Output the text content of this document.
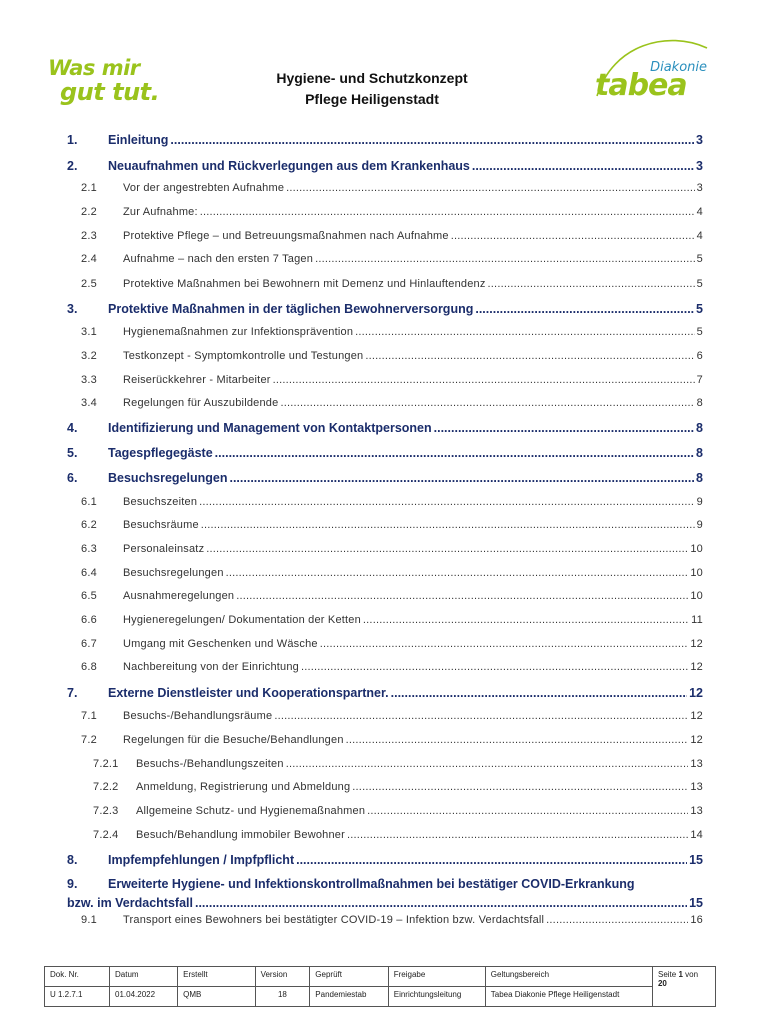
Was mir
gut tut.	Hygiene- und Schutzkonzept
Pflege Heiligenstadt
Diakonie
tabea
1. Einleitung .....	3
2. Neuaufnahmen und Rückverlegungen aus dem Krankenhaus .....	3
2.1 Vor der angestrebten Aufnahme .....	3
2.2 Zur Aufnahme: .....	4
2.3 Protektive Pflege – und Betreuungsmaßnahmen nach Aufnahme .....	4
2.4 Aufnahme – nach den ersten 7 Tagen .....	5
2.5 Protektive Maßnahmen bei Bewohnern mit Demenz und Hinlauftendenz .....	5
3. Protektive Maßnahmen in der täglichen Bewohnerversorgung .....	5
3.1 Hygienemaßnahmen zur Infektionsprävention .....	5
3.2 Testkonzept - Symptomkontrolle und Testungen .....	6
3.3 Reiserückkehrer - Mitarbeiter .....	7
3.4 Regelungen für Auszubildende .....	8
4. Identifizierung und Management von Kontaktpersonen .....	8
5. Tagespflegegäste .....	8
6. Besuchsregelungen .....	8
6.1 Besuchszeiten .....	9
6.2 Besuchsräume .....	9
6.3 Personaleinsatz .....	10
6.4 Besuchsregelungen .....	10
6.5 Ausnahmeregelungen .....	10
6.6 Hygieneregelungen/ Dokumentation der Ketten .....	11
6.7 Umgang mit Geschenken und Wäsche .....	12
6.8 Nachbereitung von der Einrichtung .....	12
7. Externe Dienstleister und Kooperationspartner. .....	12
7.1 Besuchs-/Behandlungsräume .....	12
7.2 Regelungen für die Besuche/Behandlungen .....	12
7.2.1 Besuchs-/Behandlungszeiten .....	13
7.2.2 Anmeldung, Registrierung und Abmeldung .....	13
7.2.3 Allgemeine Schutz- und Hygienemaßnahmen .....	13
7.2.4 Besuch/Behandlung immobiler Bewohner .....	14
8. Impfempfehlungen / Impfpflicht .....	15
9. Erweiterte Hygiene- und Infektionskontrollmaßnahmen bei bestätiger COVID-Erkrankung
bzw. im Verdachtsfall .....	15
9.1 Transport eines Bewohners bei bestätigter COVID-19 – Infektion bzw. Verdachtsfall .....	16
Dok. Nr.	Datum	Erstellt	Version	Geprüft	Freigabe	Geltungsbereich	Seite 1 von
20
U 1.2.7.1	01.04.2022	QMB	18	Pandemiestab	Einrichtungsleitung	Tabea Diakonie Pflege Heiligenstadt	
